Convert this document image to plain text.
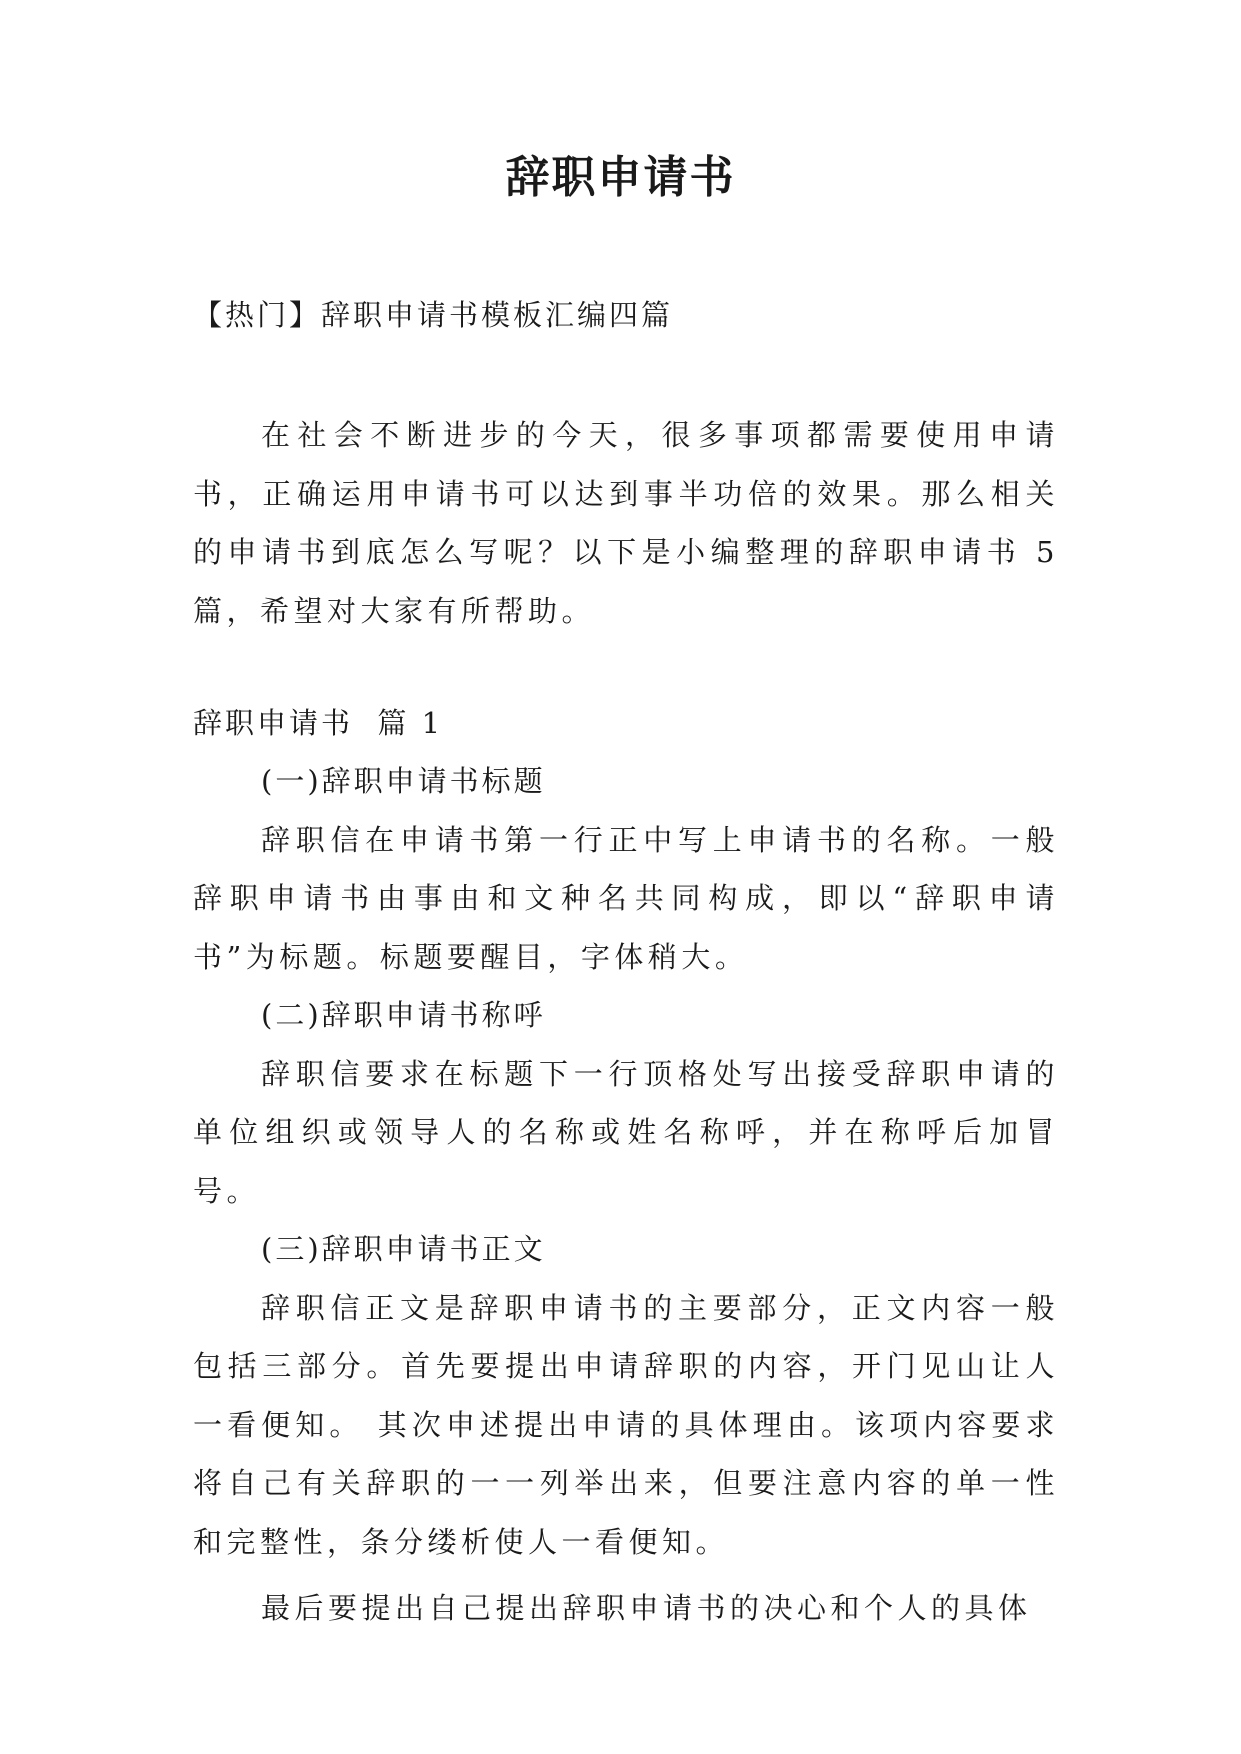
辞职申请书
【热门】辞职申请书模板汇编四篇
在社会不断进步的今天，很多事项都需要使用申请书，正确运用申请书可以达到事半功倍的效果。那么相关的申请书到底怎么写呢？以下是小编整理的辞职申请书 5 篇，希望对大家有所帮助。
辞职申请书  篇 1

(一)辞职申请书标题

辞职信在申请书第一行正中写上申请书的名称。一般辞职申请书由事由和文种名共同构成，即以“辞职申请书”为标题。标题要醒目，字体稍大。

(二)辞职申请书称呼

辞职信要求在标题下一行顶格处写出接受辞职申请的单位组织或领导人的名称或姓名称呼，并在称呼后加冒号。

(三)辞职申请书正文

辞职信正文是辞职申请书的主要部分，正文内容一般包括三部分。首先要提出申请辞职的内容，开门见山让人一看便知。 其次申述提出申请的具体理由。该项内容要求将自己有关辞职的一一列举出来，但要注意内容的单一性和完整性，条分缕析使人一看便知。

最后要提出自己提出辞职申请书的决心和个人的具体
